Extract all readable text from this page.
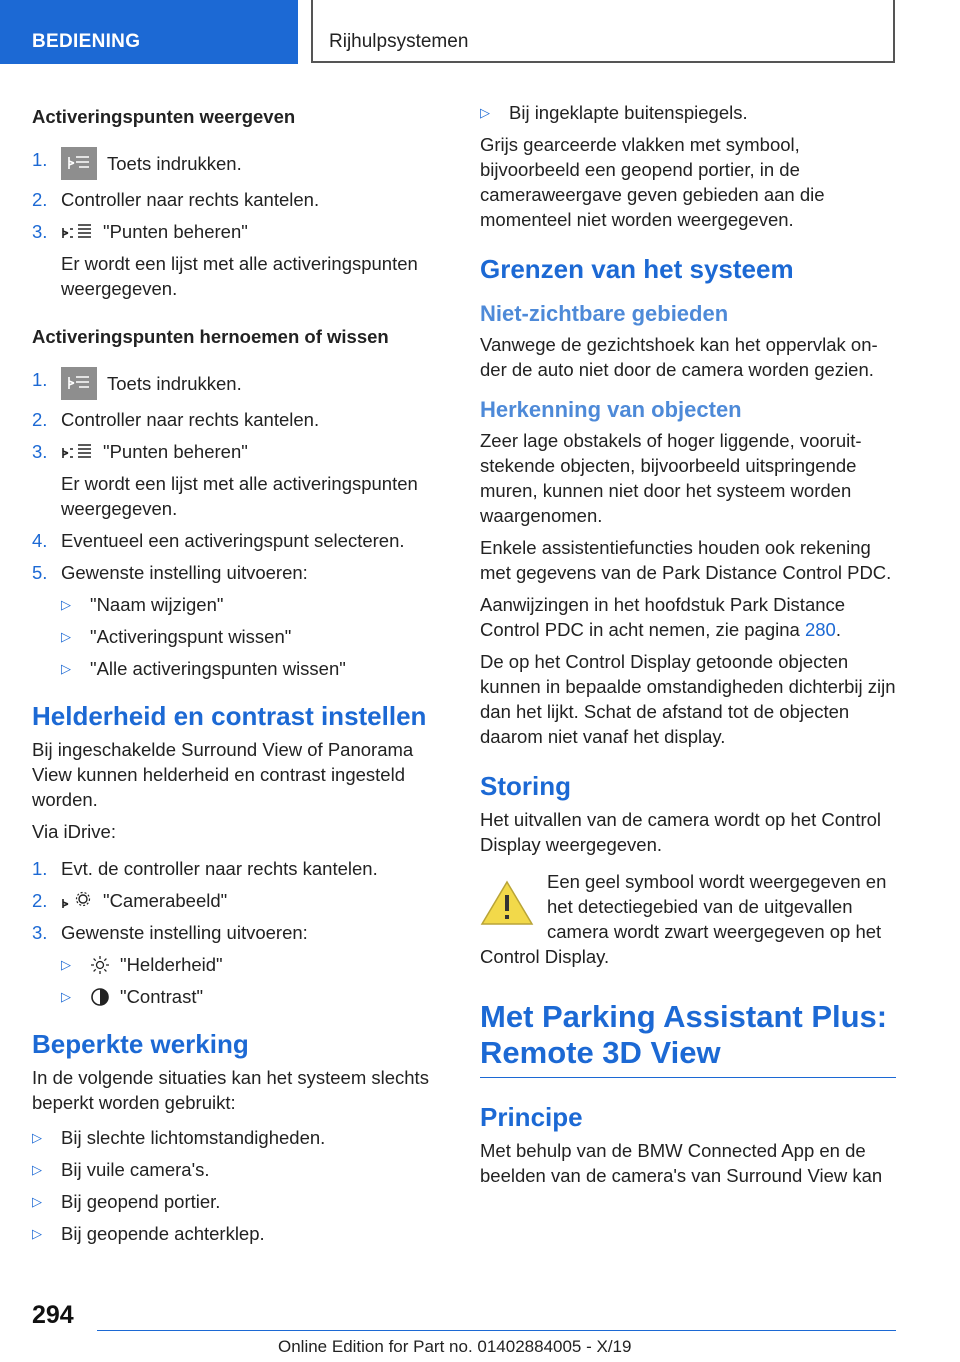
BEDIENING	Rijhulpsystemen
Activeringspunten weergeven
1.	Toets indrukken.
2. Controller naar rechts kantelen.
3.	"Punten beheren"
Er wordt een lijst met alle activeringspunten weergegeven.
Activeringspunten hernoemen of wissen
1.	Toets indrukken.
2. Controller naar rechts kantelen.
3.	"Punten beheren"
Er wordt een lijst met alle activeringspunten weergegeven.
4. Eventueel een activeringspunt selecteren.
5. Gewenste instelling uitvoeren:
▷ "Naam wijzigen"
▷ "Activeringspunt wissen"
▷ "Alle activeringspunten wissen"
Helderheid en contrast instellen

Bij ingeschakelde Surround View of Panorama View kunnen helderheid en contrast ingesteld worden.

Via iDrive:

1. Evt. de controller naar rechts kantelen.
2.	"Camerabeeld"
3. Gewenste instelling uitvoeren:
▷	"Helderheid"
▷	"Contrast"
Beperkte werking

In de volgende situaties kan het systeem slechts beperkt worden gebruikt:

▷ Bij slechte lichtomstandigheden.
▷ Bij vuile camera's.
▷ Bij geopend portier.
▷ Bij geopende achterklep.
▷ Bij ingeklapte buitenspiegels.

Grijs gearceerde vlakken met symbool, bijvoorbeeld een geopend portier, in de cameraweergave geven gebieden aan die momenteel niet worden weergegeven.

Grenzen van het systeem
Niet-zichtbare gebieden

Vanwege de gezichtshoek kan het oppervlak onder de auto niet door de camera worden gezien.

Herkenning van objecten

Zeer lage obstakels of hoger liggende, vooruitstekende objecten, bijvoorbeeld uitspringende muren, kunnen niet door het systeem worden waargenomen.

Enkele assistentiefuncties houden ook rekening met gegevens van de Park Distance Control PDC.

Aanwijzingen in het hoofdstuk Park Distance Control PDC in acht nemen, zie pagina 280.

De op het Control Display getoonde objecten kunnen in bepaalde omstandigheden dichterbij zijn dan het lijkt. Schat de afstand tot de objecten daarom niet vanaf het display.

Storing

Het uitvallen van de camera wordt op het Control Display weergegeven.

Een geel symbool wordt weergegeven en het detectiegebied van de uitgevallen camera wordt zwart weergegeven op het
Control Display.
Met Parking Assistant Plus: Remote 3D View
Principe

Met behulp van de BMW Connected App en de beelden van de camera's van Surround View kan

294
Online Edition for Part no. 01402884005 - X/19
